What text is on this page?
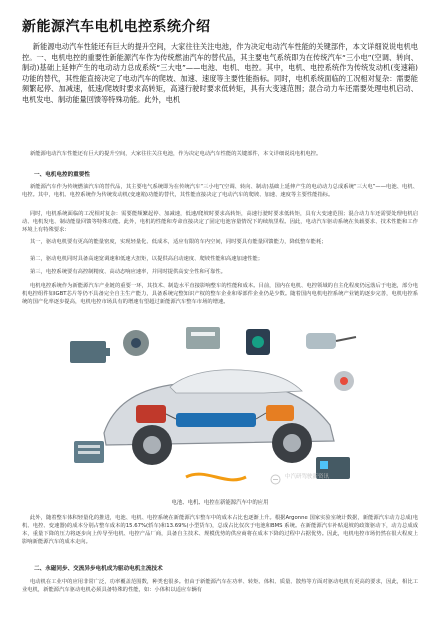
新能源汽车电机电控系统介绍

新能源电动汽车性能还有巨大的提升空间，大家往往关注电池，作为决定电动汽车性能的关键部件，本文详细说说电机电控。一、电机电控的重要性新能源汽车作为传统燃油汽车的替代品，其主要电气系统即为在传统汽车“三小电”(空调、转向、制动)基础上延伸产生的电动动力总成系统“三大电”——电池、电机、电控。其中，电机、电控系统作为传统发动机(变速箱)功能的替代，其性能直接决定了电动汽车的爬坡、加速、速度等主要性能指标。同时，电机系统面临的工况相对复杂：需要能频繁起停、加减速，低速/爬坡时要求高转矩，高速行驶时要求低转矩，具有大变速范围；混合动力车还需要处理电机启动、电机发电、制动能量回馈等特殊功能。此外，电机

新能源电动汽车性能还有巨大的提升空间，大家往往关注电池，作为决定电动汽车性能的关键部件，本文详细说说电机电控。

一、电机电控的重要性

新能源汽车作为传统燃油汽车的替代品，其主要电气系统即为在传统汽车“三小电”(空调、转向、制动)基础上延伸产生的电动动力总成系统“三大电”——电池、电机、电控。其中，电机、电控系统作为传统发动机(变速箱)功能的替代，其性能直接决定了电动汽车的爬坡、加速、速度等主要性能指标。

同时，电机系统面临的工况相对复杂：需要能频繁起停、加减速，低速/爬坡时要求高转矩，高速行驶时要求低转矩，具有大变速范围；混合动力车还需要处理电机启动、电机发电、制动能量回馈等特殊功能。此外，电机的性能和寿命直接决定了固定电池容量情况下的续航里程。因此，电动汽车驱动系统在负载要求、技术性能和工作环境上有特殊要求：

其一，驱动电机要有更高的能量密度，实现轻量化、低成本，适应有限的车内空间，同时要具有能量回馈能力，降低整车能耗；

第二，驱动电机同时具备高速宽调速和低速大扭矩，以提供高启动速度、爬坡性能和高速加速性能；

第三，电控系统要有高控制精度、高动态响应速率，并同时提供高安全性和可靠性。

电机电控系统作为新能源汽车产业链的重要一环，其技术、制造水平直接影响整车的性能和成本。目前，国内在电机、电控领域的自主化程度仍远落后于电池，部分电机电控组件如IGBT芯片等仍不具备完全自主生产能力，具备系统完整知识产权的整车企业和零部件企业仍是少数。随着国内电机电控系统产业链的逐步完善，电机电控系统的国产化率逐步提高，电机电控市场具有的增速有望超过新能源汽车整车市场的增速。

中汽研驾驶新资讯

电池、电机、电控在新能源汽车中的应用

此外，随着整车体积轻量化的推进，电池、电机、电控系统在新能源汽车整车中的成本占比也逐渐上升。根据Argonne 国家实验室统计数据，新能源汽车动力总成(电机、电控、变速器)的成本分别占整车成本的15.67%(轿车)和13.69%(小型货车)，总成占比仅次于电池和BMS 系统。在新能源汽车补贴退坡的政策驱动下，动力总成成本，重量下降的压力将逐步向上传导至电机、电控产品厂商，具备自主技术、规模优势的供应商将在成本下降的过程中占据优势。因此，电机电控市场仍然在很大程度上影响新能源汽车的成本走向。

二、永磁同步、交流异步电机成为驱动电机主流技术

电动机在工业中的应用非常广泛，功率覆盖范围数，种类也很多。但由于新能源汽车在功率、转矩、体积、质量、散热等方面对驱动电机有更高的要求，因此，相比工业电机，新能源汽车驱动电机必须具备特殊的性能，如：小体积以适应车辆有
